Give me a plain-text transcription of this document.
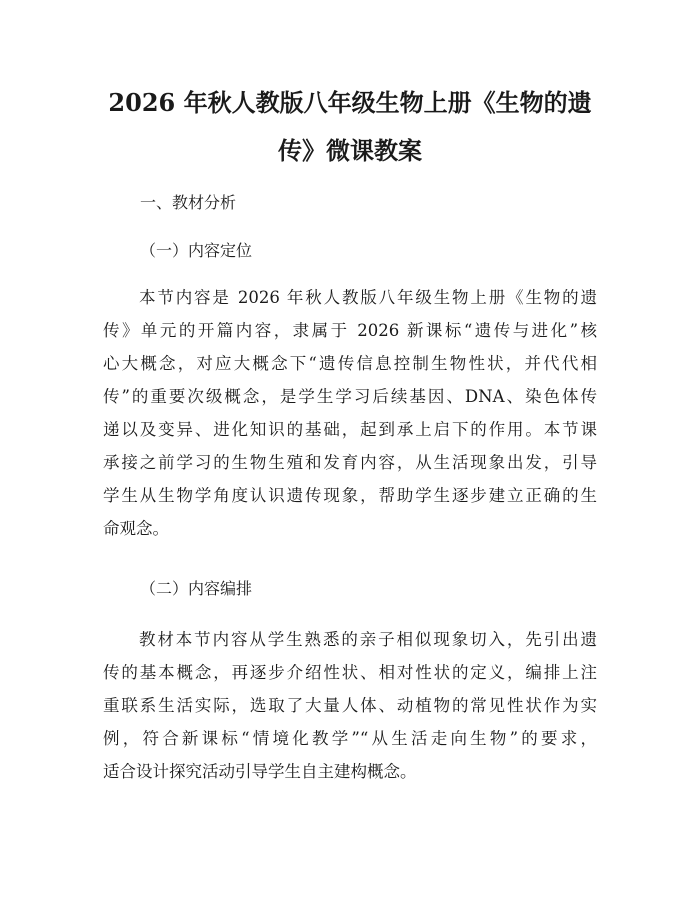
2026 年秋人教版八年级生物上册《生物的遗
传》微课教案
一、教材分析
（一）内容定位
本节内容是 2026 年秋人教版八年级生物上册《生物的遗
传》单元的开篇内容，隶属于 2026 新课标“遗传与进化”核
心大概念，对应大概念下“遗传信息控制生物性状，并代代相
传”的重要次级概念，是学生学习后续基因、DNA、染色体传
递以及变异、进化知识的基础，起到承上启下的作用。本节课
承接之前学习的生物生殖和发育内容，从生活现象出发，引导
学生从生物学角度认识遗传现象，帮助学生逐步建立正确的生
命观念。
（二）内容编排
教材本节内容从学生熟悉的亲子相似现象切入，先引出遗
传的基本概念，再逐步介绍性状、相对性状的定义，编排上注
重联系生活实际，选取了大量人体、动植物的常见性状作为实
例，符合新课标“情境化教学”“从生活走向生物”的要求，
适合设计探究活动引导学生自主建构概念。
